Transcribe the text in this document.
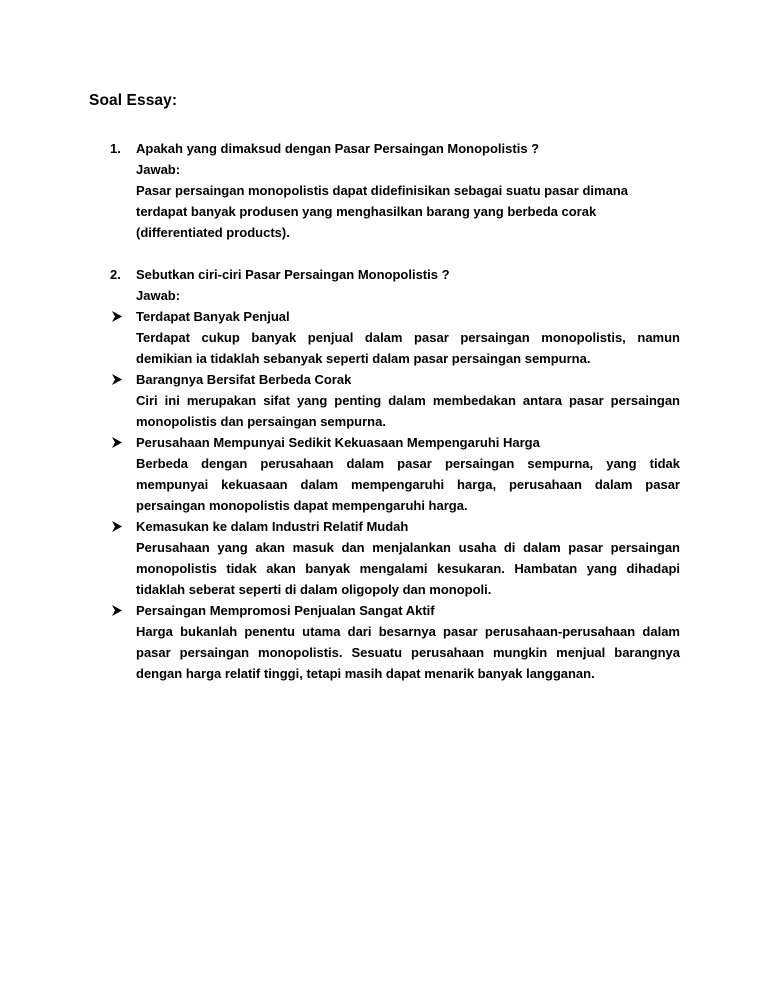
Soal Essay:
1. Apakah yang dimaksud dengan Pasar Persaingan Monopolistis ?
Jawab:
Pasar persaingan monopolistis dapat didefinisikan sebagai suatu pasar dimana
terdapat banyak produsen yang menghasilkan barang yang berbeda corak
(differentiated products).
2. Sebutkan ciri-ciri Pasar Persaingan Monopolistis ?
Jawab:
Terdapat Banyak Penjual
Terdapat cukup banyak penjual dalam pasar persaingan monopolistis, namun
demikian ia tidaklah sebanyak seperti dalam pasar persaingan sempurna.
Barangnya Bersifat Berbeda Corak
Ciri ini merupakan sifat yang penting dalam membedakan antara pasar persaingan
monopolistis dan persaingan sempurna.
Perusahaan Mempunyai Sedikit Kekuasaan Mempengaruhi Harga
Berbeda dengan perusahaan dalam pasar persaingan sempurna, yang tidak
mempunyai kekuasaan dalam mempengaruhi harga, perusahaan dalam pasar
persaingan monopolistis dapat mempengaruhi harga.
Kemasukan ke dalam Industri Relatif Mudah
Perusahaan yang akan masuk dan menjalankan usaha di dalam pasar persaingan
monopolistis tidak akan banyak mengalami kesukaran. Hambatan yang dihadapi
tidaklah seberat seperti di dalam oligopoly dan monopoli.
Persaingan Mempromosi Penjualan Sangat Aktif
Harga bukanlah penentu utama dari besarnya pasar perusahaan-perusahaan dalam
pasar persaingan monopolistis. Sesuatu perusahaan mungkin menjual barangnya
dengan harga relatif tinggi, tetapi masih dapat menarik banyak langganan.
